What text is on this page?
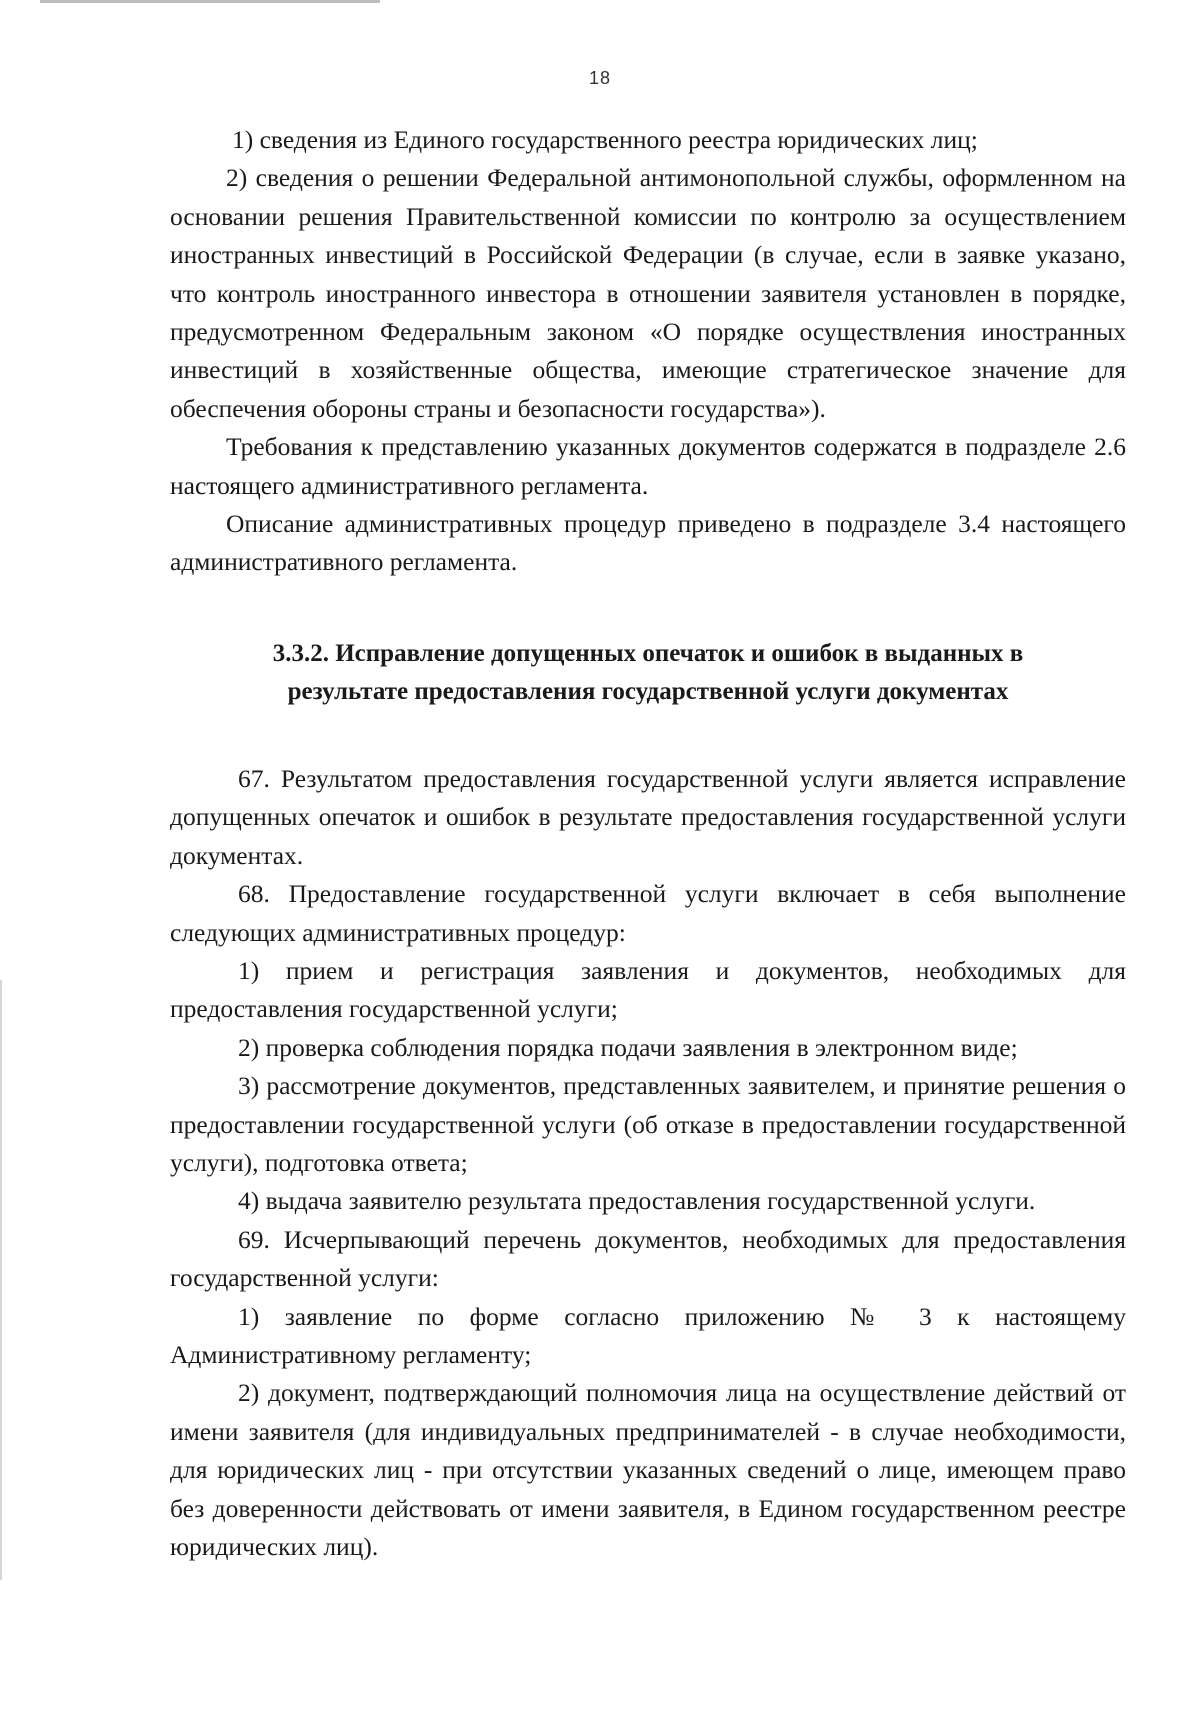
18

1) сведения из Единого государственного реестра юридических лиц;

2) сведения о решении Федеральной антимонопольной службы, оформленном на основании решения Правительственной комиссии по контролю за осуществлением иностранных инвестиций в Российской Федерации (в случае, если в заявке указано, что контроль иностранного инвестора в отношении заявителя установлен в порядке, предусмотренном Федеральным законом «О порядке осуществления иностранных инвестиций в хозяйственные общества, имеющие стратегическое значение для обеспечения обороны страны и безопасности государства»).

Требования к представлению указанных документов содержатся в подразделе 2.6 настоящего административного регламента.

Описание административных процедур приведено в подразделе 3.4 настоящего административного регламента.

3.3.2. Исправление допущенных опечаток и ошибок в выданных в
результате предоставления государственной услуги документах

67. Результатом предоставления государственной услуги является исправление допущенных опечаток и ошибок в результате предоставления государственной услуги документах.

68. Предоставление государственной услуги включает в себя выполнение следующих административных процедур:

1) прием и регистрация заявления и документов, необходимых для предоставления государственной услуги;

2) проверка соблюдения порядка подачи заявления в электронном виде;

3) рассмотрение документов, представленных заявителем, и принятие решения о предоставлении государственной услуги (об отказе в предоставлении государственной услуги), подготовка ответа;

4) выдача заявителю результата предоставления государственной услуги.

69. Исчерпывающий перечень документов, необходимых для предоставления государственной услуги:

1) заявление по форме согласно приложению № 3 к настоящему Административному регламенту;

2) документ, подтверждающий полномочия лица на осуществление действий от имени заявителя (для индивидуальных предпринимателей - в случае необходимости, для юридических лиц - при отсутствии указанных сведений о лице, имеющем право без доверенности действовать от имени заявителя, в Едином государственном реестре юридических лиц).
